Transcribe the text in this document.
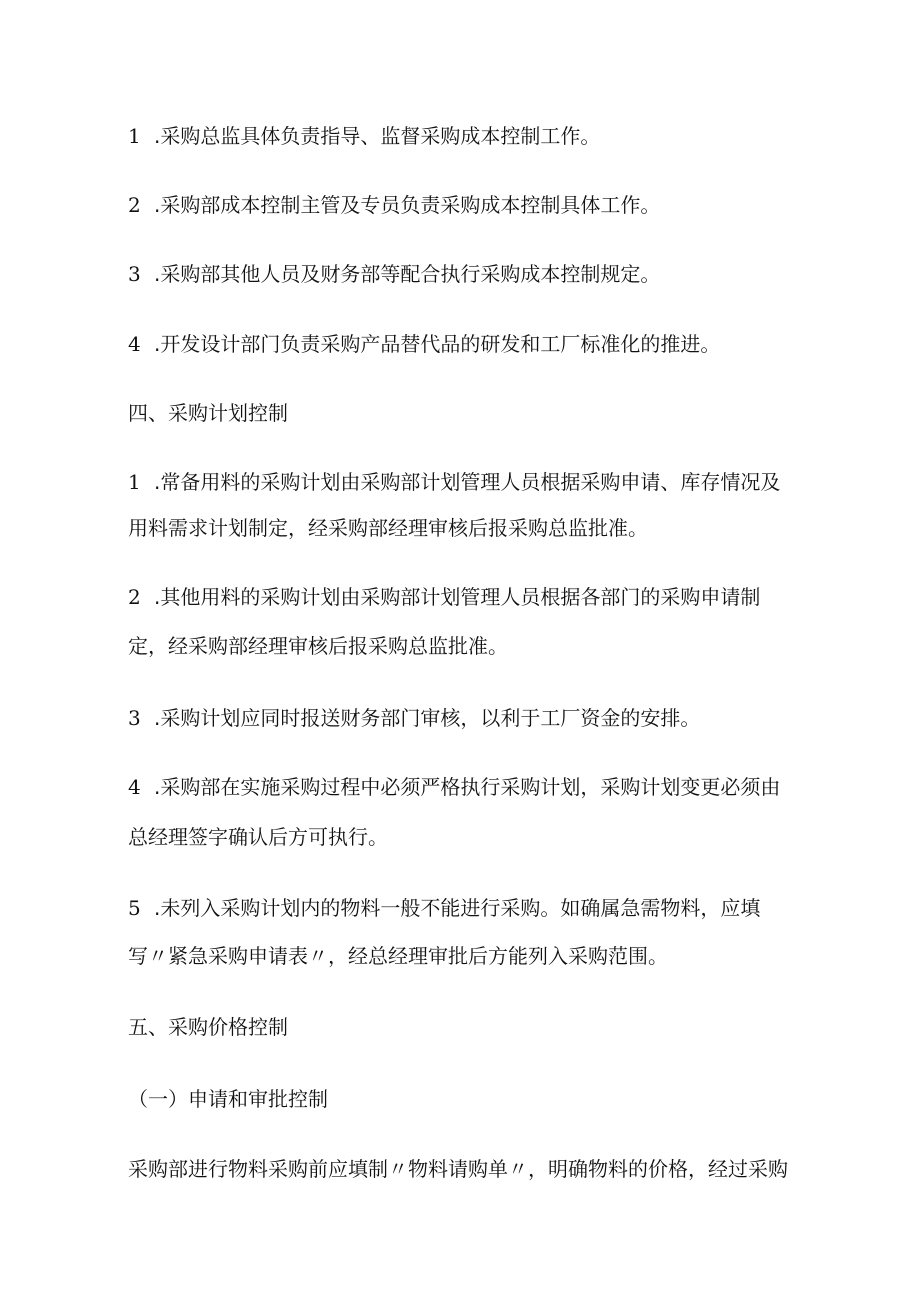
1 .采购总监具体负责指导、监督采购成本控制工作。

2 .采购部成本控制主管及专员负责采购成本控制具体工作。

3 .采购部其他人员及财务部等配合执行采购成本控制规定。

4 .开发设计部门负责采购产品替代品的研发和工厂标准化的推进。

四、采购计划控制

1 .常备用料的采购计划由采购部计划管理人员根据采购申请、库存情况及

用料需求计划制定，经采购部经理审核后报采购总监批准。

2 .其他用料的采购计划由采购部计划管理人员根据各部门的采购申请制

定，经采购部经理审核后报采购总监批准。

3 .采购计划应同时报送财务部门审核，以利于工厂资金的安排。

4 .采购部在实施采购过程中必须严格执行采购计划，采购计划变更必须由

总经理签字确认后方可执行。

5 .未列入采购计划内的物料一般不能进行采购。如确属急需物料，应填

写〃紧急采购申请表〃，经总经理审批后方能列入采购范围。

五、采购价格控制

（一）申请和审批控制

采购部进行物料采购前应填制〃物料请购单〃，明确物料的价格，经过采购
